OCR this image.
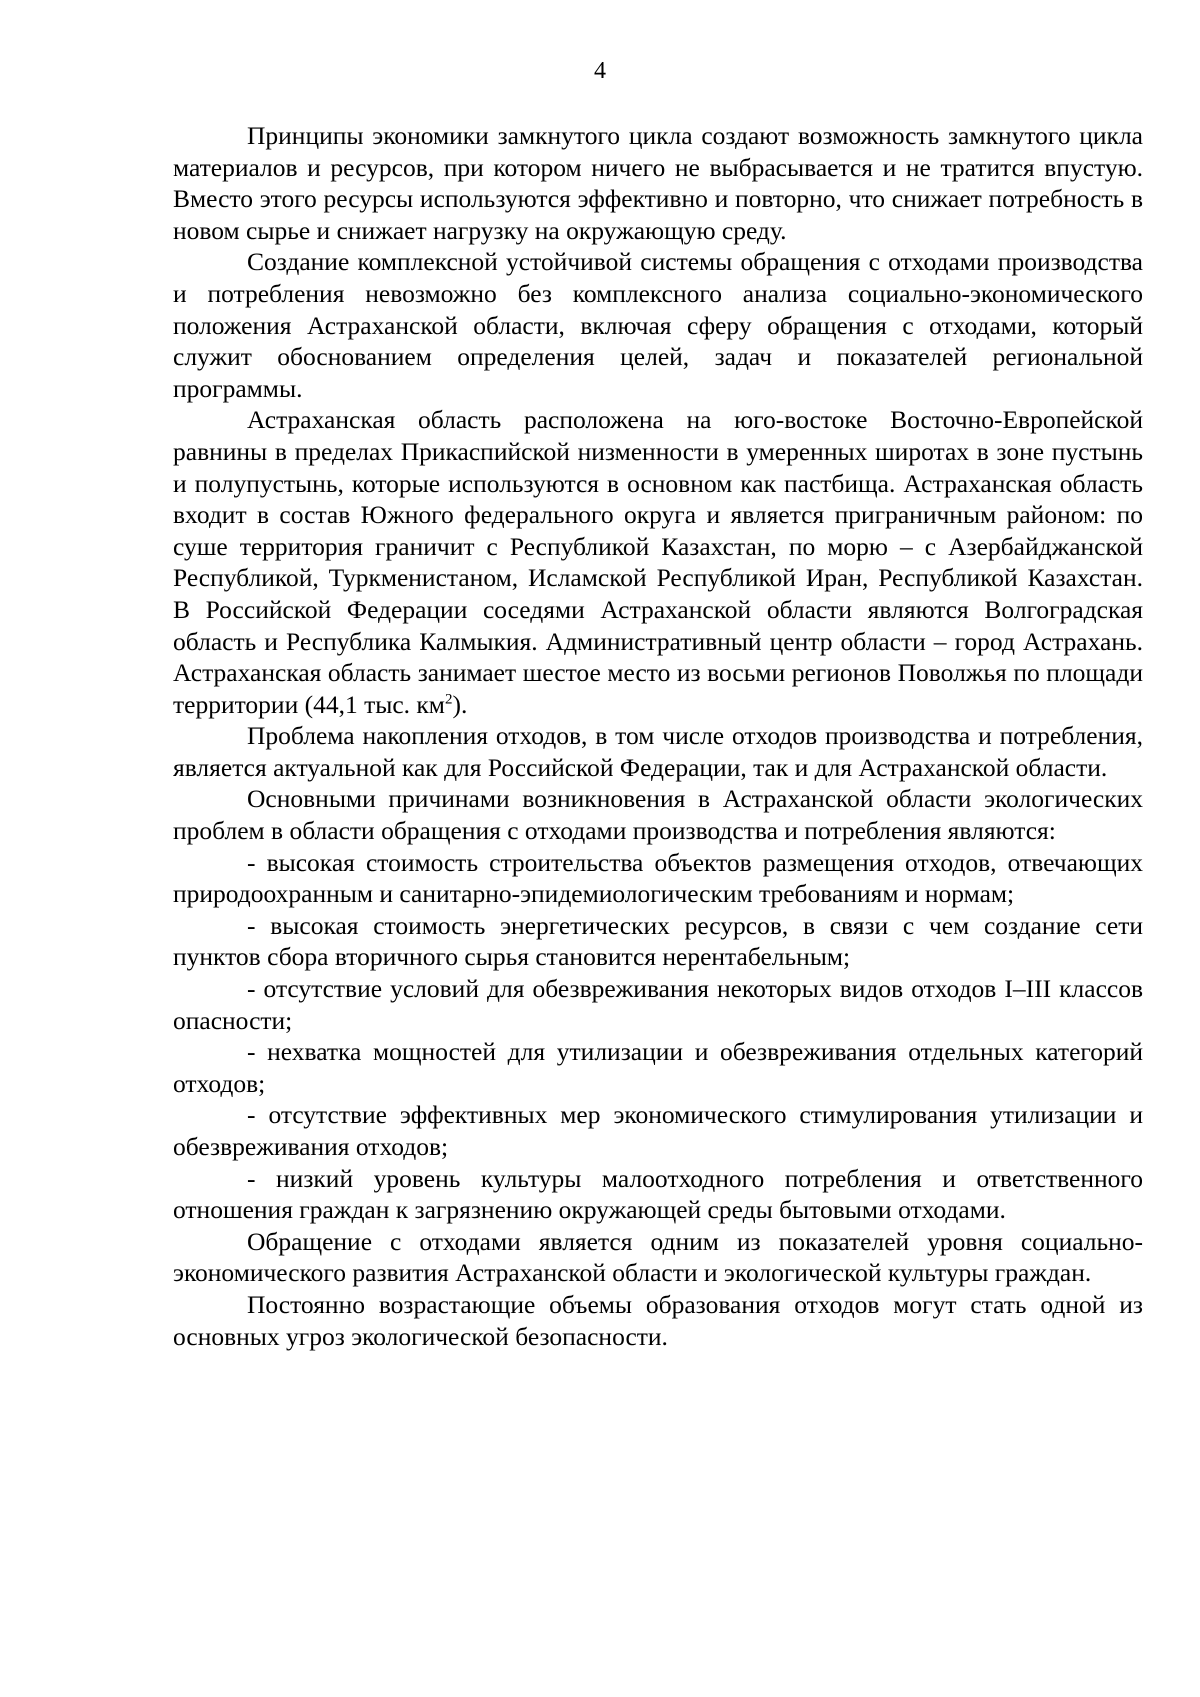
4

Принципы экономики замкнутого цикла создают возможность замкнутого цикла материалов и ресурсов, при котором ничего не выбрасывается и не тратится впустую. Вместо этого ресурсы используются эффективно и повторно, что снижает потребность в новом сырье и снижает нагрузку на окружающую среду.

Создание комплексной устойчивой системы обращения с отходами производства и потребления невозможно без комплексного анализа социально-экономического положения Астраханской области, включая сферу обращения с отходами, который служит обоснованием определения целей, задач и показателей региональной программы.

Астраханская область расположена на юго-востоке Восточно-Европейской равнины в пределах Прикаспийской низменности в умеренных широтах в зоне пустынь и полупустынь, которые используются в основном как пастбища. Астраханская область входит в состав Южного федерального округа и является приграничным районом: по суше территория граничит с Республикой Казахстан, по морю – с Азербайджанской Республикой, Туркменистаном, Исламской Республикой Иран, Республикой Казахстан. В Российской Федерации соседями Астраханской области являются Волгоградская область и Республика Калмыкия. Административный центр области – город Астрахань. Астраханская область занимает шестое место из восьми регионов Поволжья по площади территории (44,1 тыс. $км^2$).

Проблема накопления отходов, в том числе отходов производства и потребления, является актуальной как для Российской Федерации, так и для Астраханской области.

Основными причинами возникновения в Астраханской области экологических проблем в области обращения с отходами производства и потребления являются:

- высокая стоимость строительства объектов размещения отходов, отвечающих природоохранным и санитарно-эпидемиологическим требованиям и нормам;

- высокая стоимость энергетических ресурсов, в связи с чем создание сети пунктов сбора вторичного сырья становится нерентабельным;

- отсутствие условий для обезвреживания некоторых видов отходов I–III классов опасности;

- нехватка мощностей для утилизации и обезвреживания отдельных категорий отходов;

- отсутствие эффективных мер экономического стимулирования утилизации и обезвреживания отходов;

- низкий уровень культуры малоотходного потребления и ответственного отношения граждан к загрязнению окружающей среды бытовыми отходами.

Обращение с отходами является одним из показателей уровня социально-экономического развития Астраханской области и экологической культуры граждан.

Постоянно возрастающие объемы образования отходов могут стать одной из основных угроз экологической безопасности.
